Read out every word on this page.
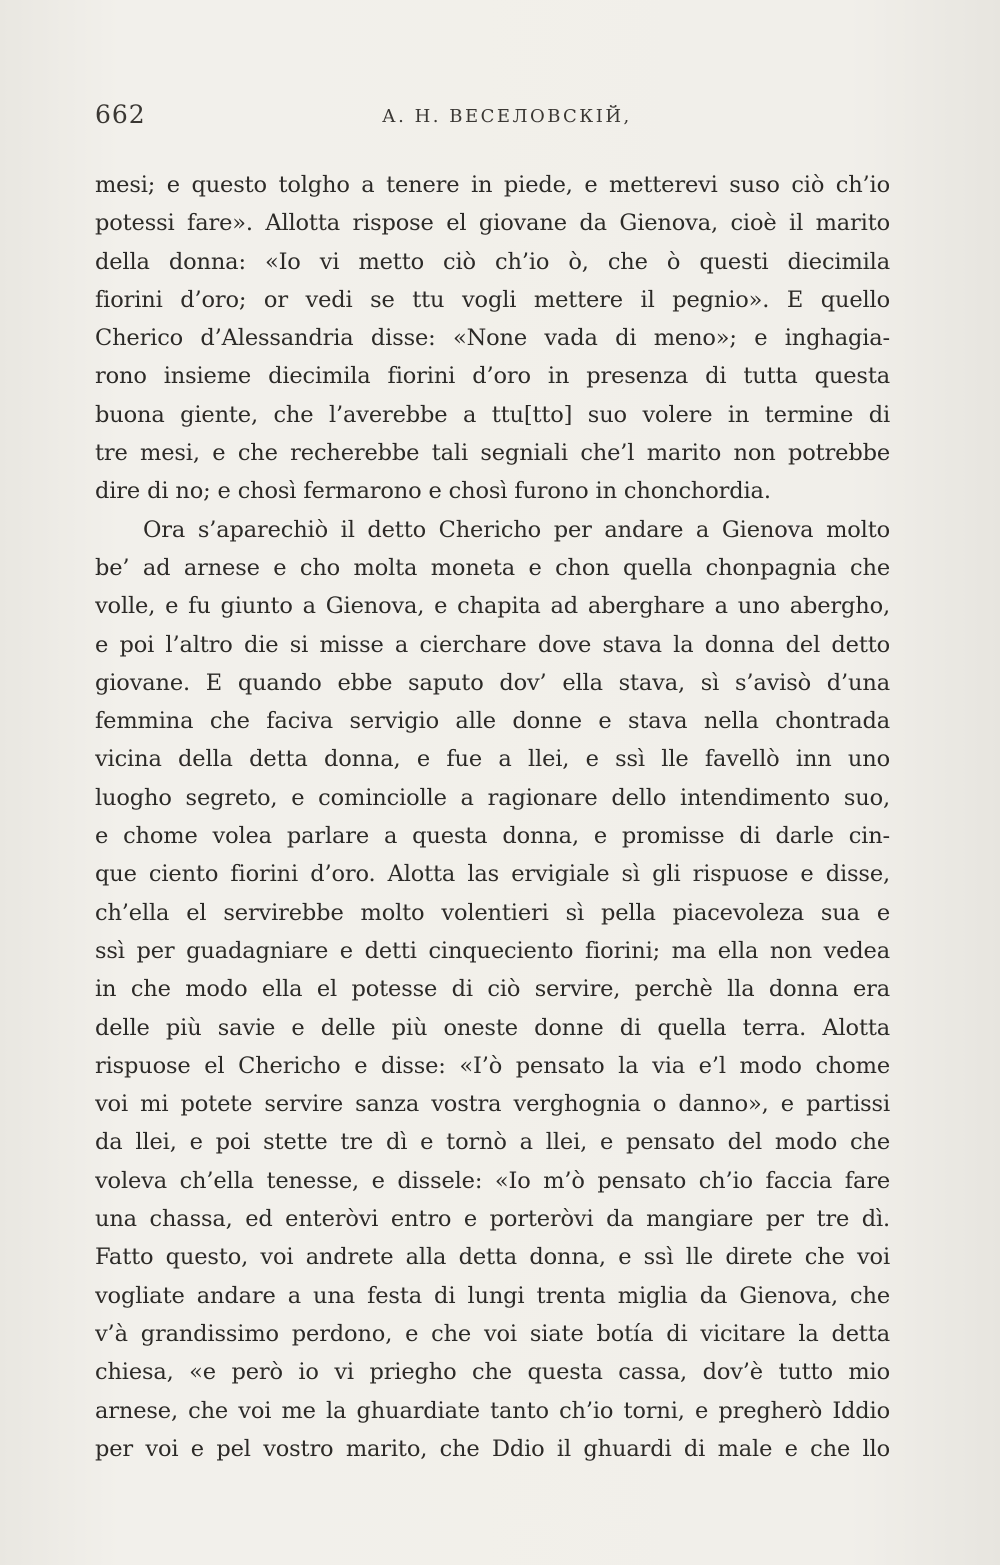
662	А. Н. ВЕСЕЛОВСКІЙ,
mesi; e questo tolgho a tenere in piede, e metterevi suso ciò ch’io
potessi fare». Allotta rispose el giovane da Gienova, cioè il marito
della donna: «Io vi metto ciò ch’io ò, che ò questi diecimila
fiorini d’oro; or vedi se ttu vogli mettere il pegnio». E quello
Cherico d’Alessandria disse: «None vada di meno»; e inghagia-
rono insieme diecimila fiorini d’oro in presenza di tutta questa
buona giente, che l’averebbe a ttu[tto] suo volere in termine di
tre mesi, e che recherebbe tali segniali che’l marito non potrebbe
dire di no; e chosì fermarono e chosì furono in chonchordia.
Ora s’aparechiò il detto Chericho per andare a Gienova molto
be’ ad arnese e cho molta moneta e chon quella chonpagnia che
volle, e fu giunto a Gienova, e chapita ad aberghare a uno abergho,
e poi l’altro die si misse a cierchare dove stava la donna del detto
giovane. E quando ebbe saputo dov’ ella stava, sì s’avisò d’una
femmina che faciva servigio alle donne e stava nella chontrada
vicina della detta donna, e fue a llei, e ssì lle favellò inn uno
luogho segreto, e cominciolle a ragionare dello intendimento suo,
e chome volea parlare a questa donna, e promisse di darle cin-
que ciento fiorini d’oro. Alotta las ervigiale sì gli rispuose e disse,
ch’ella el servirebbe molto volentieri sì pella piacevoleza sua e
ssì per guadagniare e detti cinqueciento fiorini; ma ella non vedea
in che modo ella el potesse di ciò servire, perchè lla donna era
delle più savie e delle più oneste donne di quella terra. Alotta
rispuose el Chericho e disse: «I’ò pensato la via e’l modo chome
voi mi potete servire sanza vostra verghognia o danno», e partissi
da llei, e poi stette tre dì e tornò a llei, e pensato del modo che
voleva ch’ella tenesse, e disselе: «Io m’ò pensato ch’io faccia fare
una chassa, ed enteròvi entro e porteròvi da mangiare per tre dì.
Fatto questo, voi andrete alla detta donna, e ssì lle direte che voi
vogliate andare a una festa di lungi trenta miglia da Gienova, che
v’à grandissimo perdono, e che voi siate botía di vicitare la detta
chiesa, «e però io vi priegho che questa cassa, dov’è tutto mio
arnese, che voi me la ghuardiate tanto ch’io torni, e pregherò Iddio
per voi e pel vostro marito, che Ddio il ghuardi di male e che llo
